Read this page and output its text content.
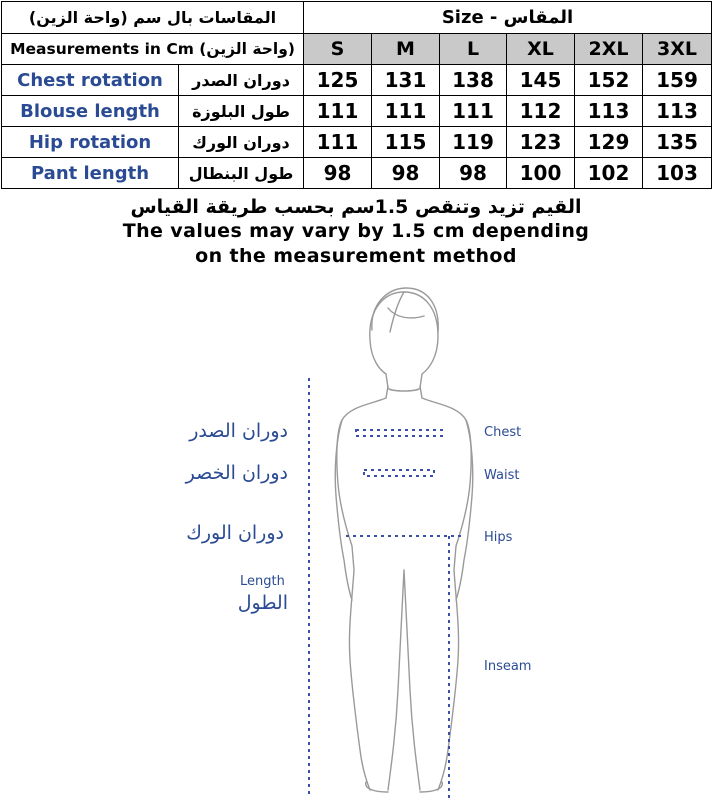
المقاسات بال سم (واحة الزين)		Size - المقاس					
Measurements in Cm (واحة الزين)		S	M	L	XL	2XL	3XL
Chest rotation	دوران الصدر	125	131	138	145	152	159
Blouse length	طول البلوزة	111	111	111	112	113	113
Hip rotation	دوران الورك	111	115	119	123	129	135
Pant length	طول البنطال	98	98	98	100	102	103
القيم تزيد وتنقص 1.5سم بحسب طريقة القياس
The values may vary by 1.5 cm depending
on the measurement method
دوران الصدر
دوران الخصر
دوران الورك
Length
الطول
Chest
Waist
Hips
Inseam
